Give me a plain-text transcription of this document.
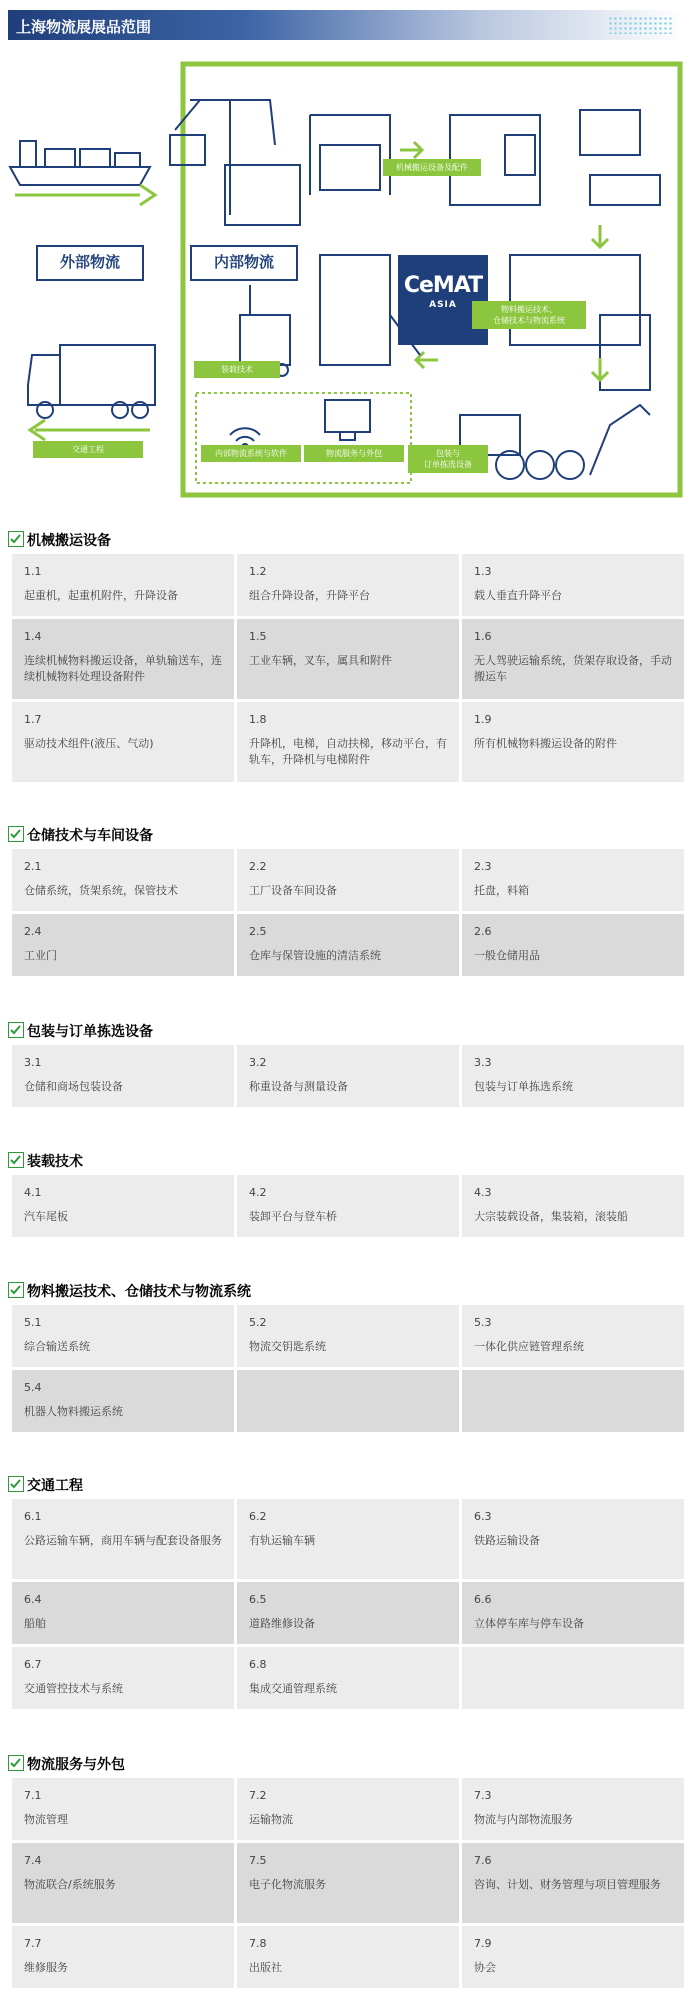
上海物流展展品范围
外部物流	内部物流
CeMAT
ASIA
机械搬运设备及配件
物料搬运技术、
仓储技术与物流系统
包装与
订单拣选设备
装载技术
交通工程	内部物流系统与软件	物流服务与外包
机械搬运设备
1.1
起重机，起重机附件，升降设备
1.2
组合升降设备，升降平台
1.3
载人垂直升降平台
1.4
连续机械物料搬运设备，单轨输送车，连续机械物料处理设备附件
1.5
工业车辆，叉车，属具和附件
1.6
无人驾驶运输系统，货架存取设备，手动搬运车
1.7
驱动技术组件(液压、气动)
1.8
升降机，电梯，自动扶梯，移动平台，有轨车，升降机与电梯附件
1.9
所有机械物料搬运设备的附件
仓储技术与车间设备
2.1
仓储系统，货架系统，保管技术
2.2
工厂设备车间设备
2.3
托盘，料箱
2.4
工业门
2.5
仓库与保管设施的清洁系统
2.6
一般仓储用品
包装与订单拣选设备
3.1
仓储和商场包装设备
3.2
称重设备与测量设备
3.3
包装与订单拣选系统
装载技术
4.1
汽车尾板
4.2
装卸平台与登车桥
4.3
大宗装载设备，集装箱，滚装船
物料搬运技术、仓储技术与物流系统
5.1
综合输送系统
5.2
物流交钥匙系统
5.3
一体化供应链管理系统
5.4
机器人物料搬运系统
交通工程
6.1
公路运输车辆，商用车辆与配套设备服务
6.2
有轨运输车辆
6.3
铁路运输设备
6.4
船舶
6.5
道路维修设备
6.6
立体停车库与停车设备
6.7
交通管控技术与系统
6.8
集成交通管理系统
物流服务与外包
7.1
物流管理
7.2
运输物流
7.3
物流与内部物流服务
7.4
物流联合/系统服务
7.5
电子化物流服务
7.6
咨询、计划、财务管理与项目管理服务
7.7
维修服务
7.8
出版社
7.9
协会
